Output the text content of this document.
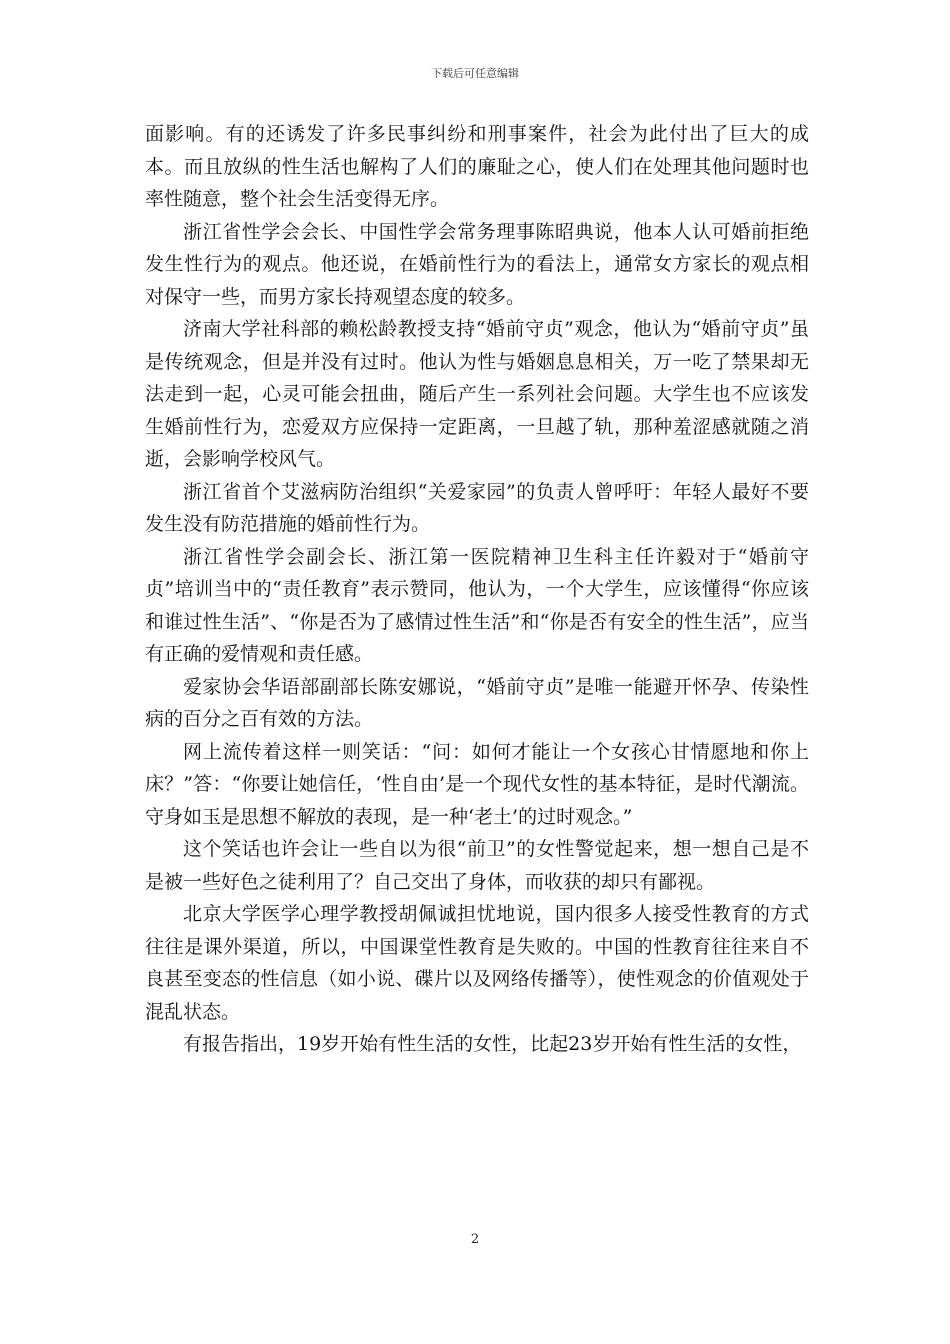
下载后可任意编辑

面影响。有的还诱发了许多民事纠纷和刑事案件，社会为此付出了巨大的成本。而且放纵的性生活也解构了人们的廉耻之心，使人们在处理其他问题时也率性随意，整个社会生活变得无序。

浙江省性学会会长、中国性学会常务理事陈昭典说，他本人认可婚前拒绝发生性行为的观点。他还说，在婚前性行为的看法上，通常女方家长的观点相对保守一些，而男方家长持观望态度的较多。

济南大学社科部的赖松龄教授支持“婚前守贞”观念，他认为“婚前守贞”虽是传统观念，但是并没有过时。他认为性与婚姻息息相关，万一吃了禁果却无法走到一起，心灵可能会扭曲，随后产生一系列社会问题。大学生也不应该发生婚前性行为，恋爱双方应保持一定距离，一旦越了轨，那种羞涩感就随之消逝，会影响学校风气。

浙江省首个艾滋病防治组织“关爱家园”的负责人曾呼吁：年轻人最好不要发生没有防范措施的婚前性行为。

浙江省性学会副会长、浙江第一医院精神卫生科主任许毅对于“婚前守贞”培训当中的“责任教育”表示赞同，他认为，一个大学生，应该懂得“你应该和谁过性生活”、“你是否为了感情过性生活”和“你是否有安全的性生活”，应当有正确的爱情观和责任感。

爱家协会华语部副部长陈安娜说，“婚前守贞”是唯一能避开怀孕、传染性病的百分之百有效的方法。

网上流传着这样一则笑话：“问：如何才能让一个女孩心甘情愿地和你上床？”答：“你要让她信任，‘性自由’是一个现代女性的基本特征，是时代潮流。守身如玉是思想不解放的表现，是一种‘老土’的过时观念。”

这个笑话也许会让一些自以为很“前卫”的女性警觉起来，想一想自己是不是被一些好色之徒利用了？自己交出了身体，而收获的却只有鄙视。

北京大学医学心理学教授胡佩诚担忧地说，国内很多人接受性教育的方式往往是课外渠道，所以，中国课堂性教育是失败的。中国的性教育往往来自不良甚至变态的性信息（如小说、碟片以及网络传播等），使性观念的价值观处于混乱状态。

有报告指出，19岁开始有性生活的女性，比起23岁开始有性生活的女性，

2
